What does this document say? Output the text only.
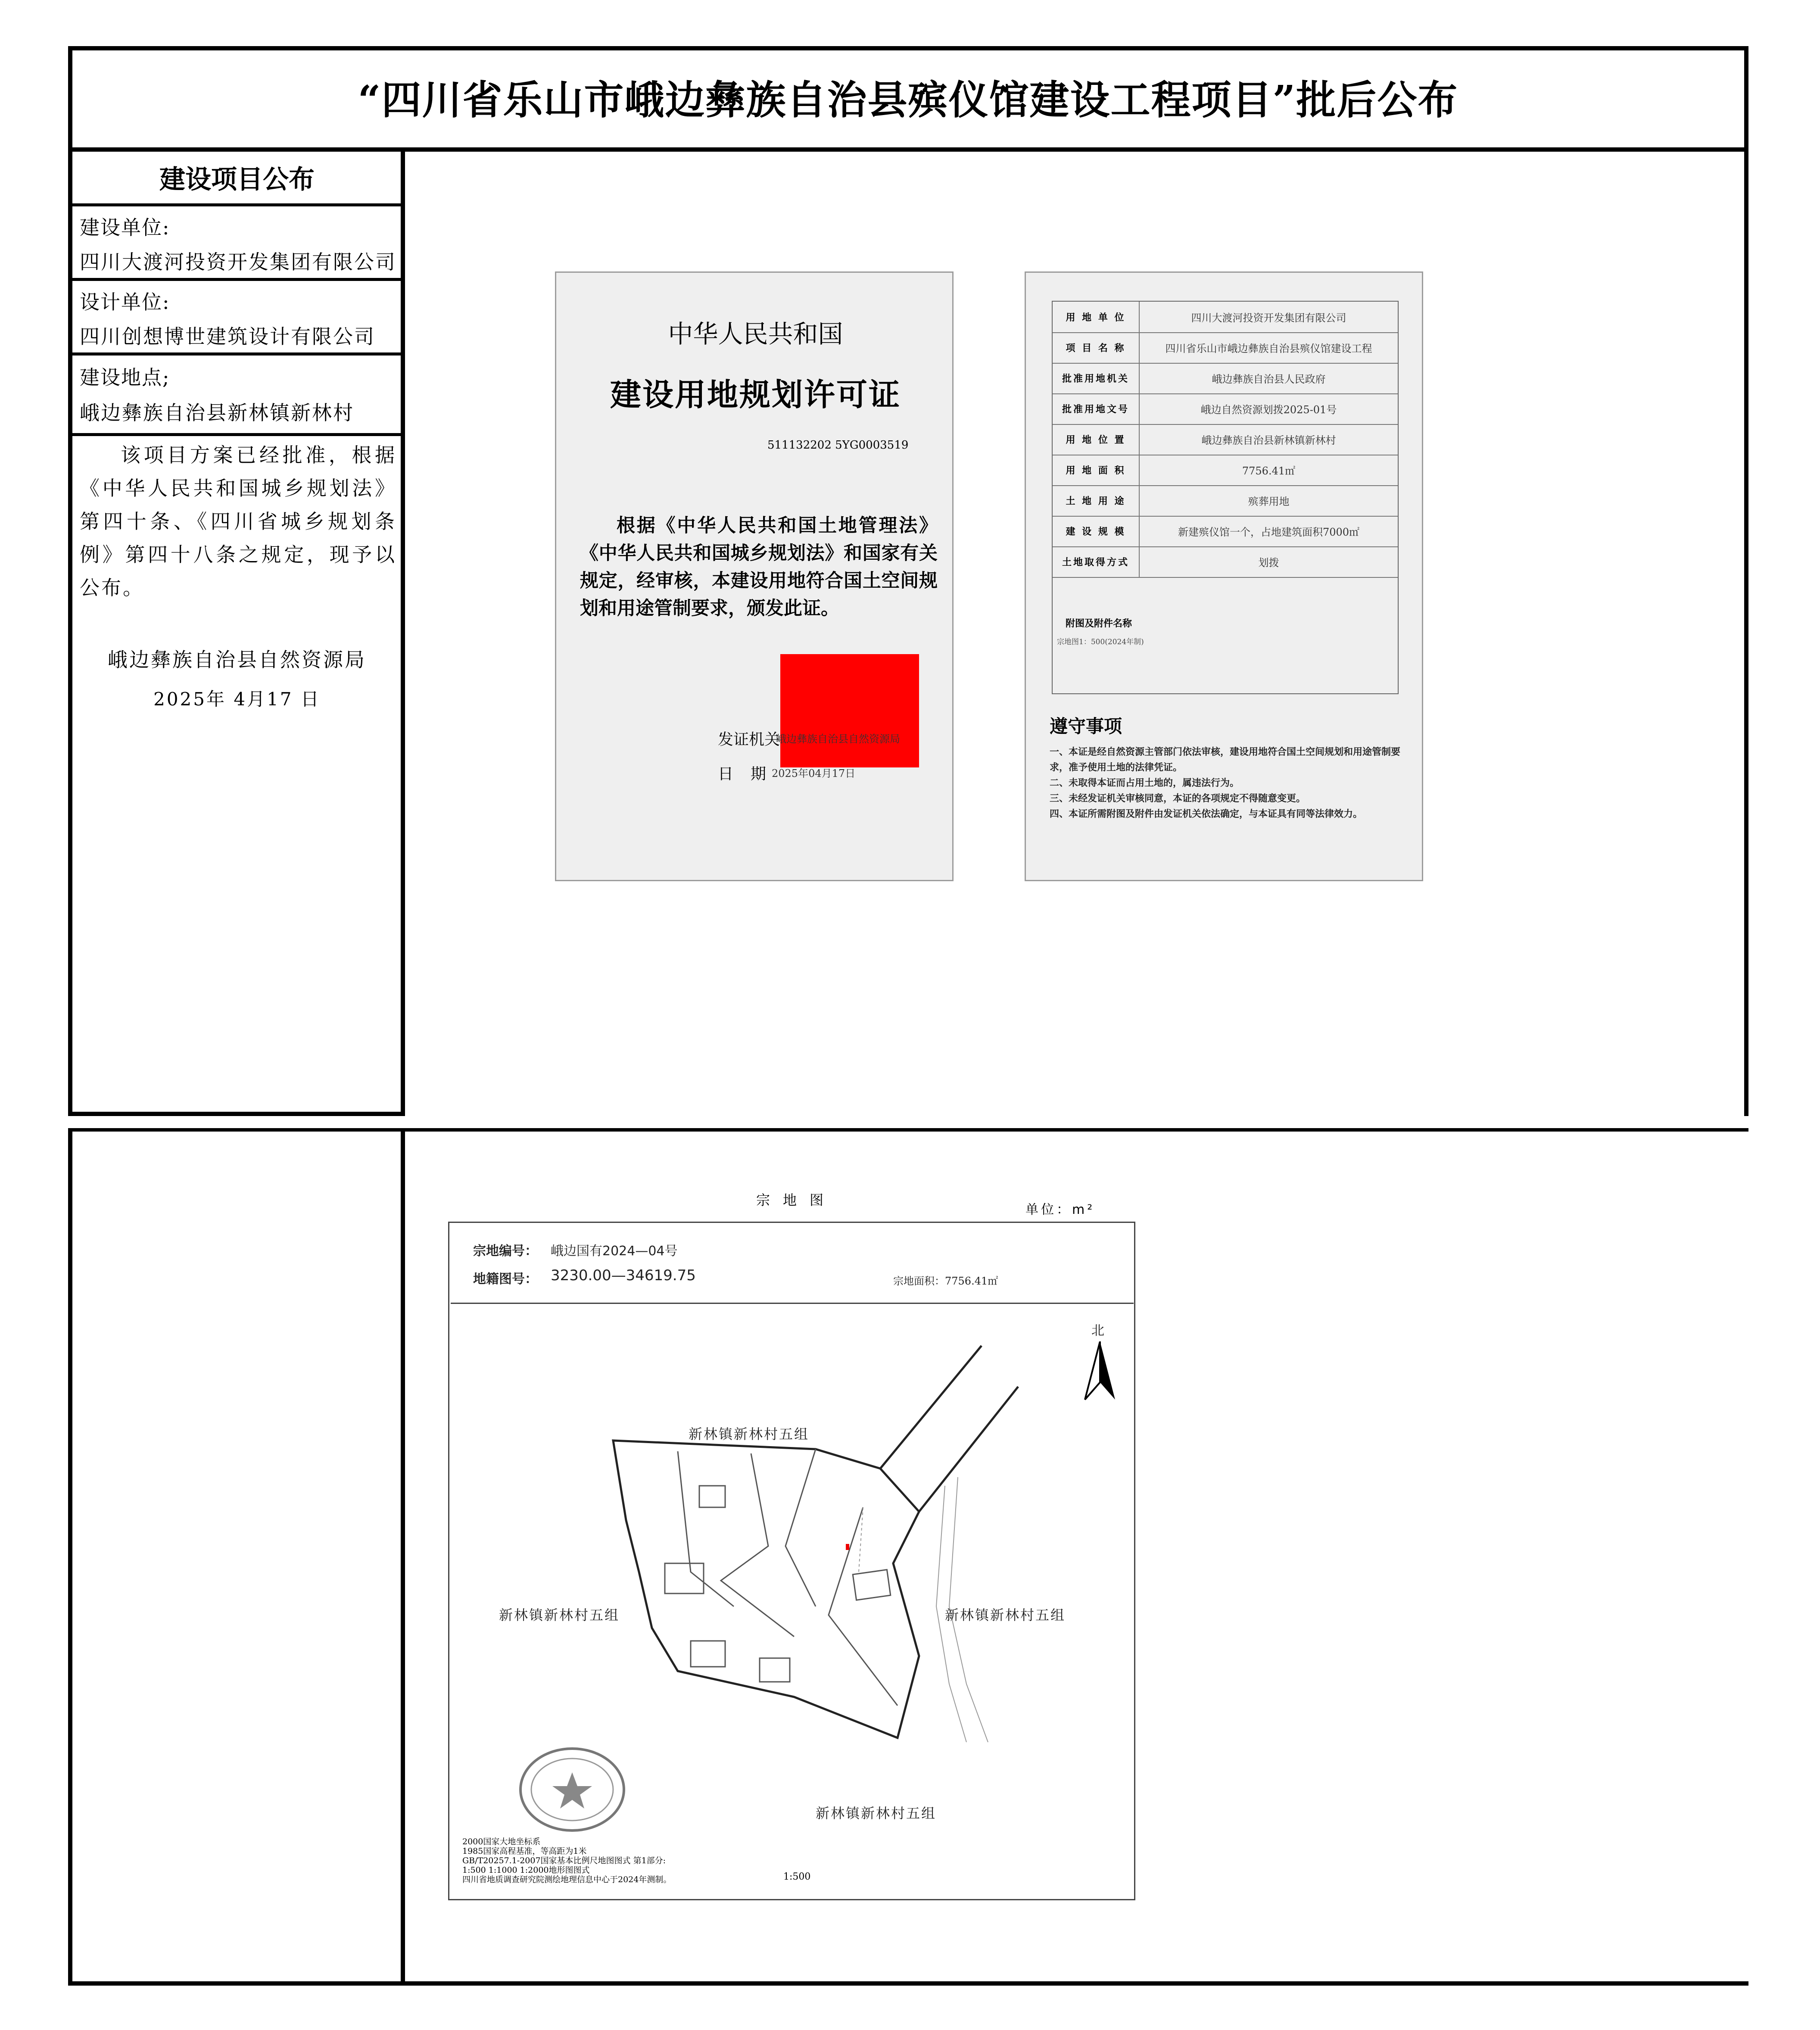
“四川省乐山市峨边彝族自治县殡仪馆建设工程项目”批后公布
建设项目公布
建设单位:
四川大渡河投资开发集团有限公司
设计单位:
四川创想博世建筑设计有限公司
建设地点;
峨边彝族自治县新林镇新林村
该项目方案已经批准，根据《中华人民共和国城乡规划法》第四十条、《四川省城乡规划条例》第四十八条之规定，现予以公布。
峨边彝族自治县自然资源局
2025年 4月17 日
中华人民共和国
建设用地规划许可证
511132202 5YG0003519
根据《中华人民共和国土地管理法》《中华人民共和国城乡规划法》和国家有关规定，经审核，本建设用地符合国土空间规划和用途管制要求，颁发此证。
发证机关
峨边彝族自治县自然资源局
日期
2025年04月17日
用 地 单 位	四川大渡河投资开发集团有限公司
项 目 名 称	四川省乐山市峨边彝族自治县殡仪馆建设工程
批准用地机关	峨边彝族自治县人民政府
批准用地文号	峨边自然资源划拨2025-01号
用 地 位 置	峨边彝族自治县新林镇新林村
用 地 面 积	7756.41㎡
土 地 用 途	殡葬用地
建 设 规 模	新建殡仪馆一个，占地建筑面积7000㎡
土地取得方式	划拨
附图及附件名称
宗地图1：500(2024年制)
遵守事项
一、本证是经自然资源主管部门依法审核，建设用地符合国土空间规划和用途管制要求，准予使用土地的法律凭证。
二、未取得本证而占用土地的，属违法行为。
三、未经发证机关审核同意，本证的各项规定不得随意变更。
四、本证所需附图及附件由发证机关依法确定，与本证具有同等法律效力。
宗地图
单位：m²
宗地编号： 峨边国有2024—04号
地籍图号： 3230.00—34619.75	宗地面积：7756.41㎡
北
新林镇新林村五组
新林镇新林村五组	新林镇新林村五组
新林镇新林村五组
2000国家大地坐标系
1985国家高程基准，等高距为1米
GB/T20257.1-2007国家基本比例尺地图图式 第1部分:
1:500 1:1000 1:2000地形图图式
四川省地质调查研究院测绘地理信息中心于2024年测制。	1:500
